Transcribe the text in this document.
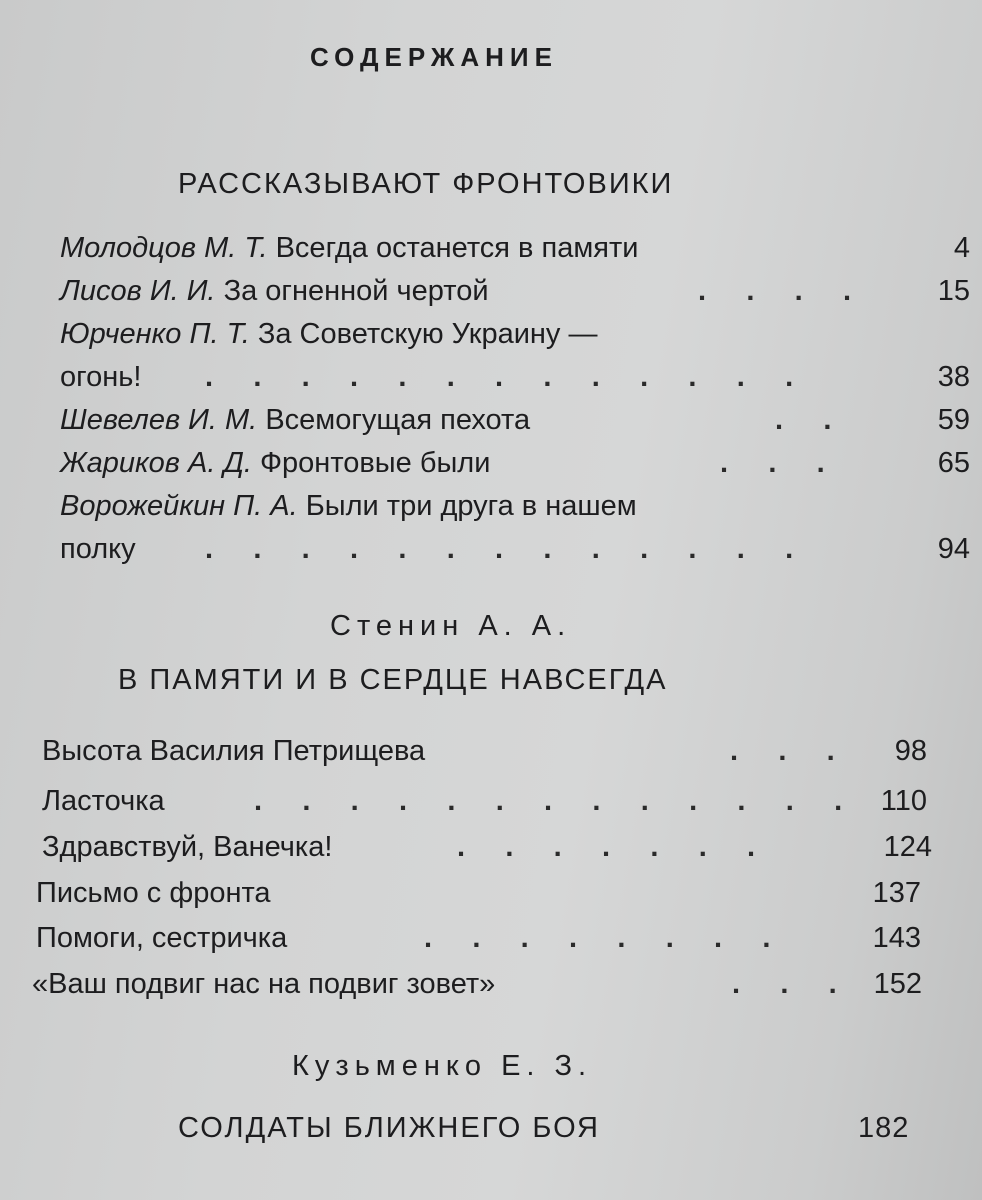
СОДЕРЖАНИЕ
РАССКАЗЫВАЮТ ФРОНТОВИКИ
Молодцов М. Т. Всегда останется в памяти	4
Лисов И. И. За огненной чертой	.     .     .     .	15
Юрченко П. Т. За Советскую Украину —
огонь! .     .     .     .     .     .     .     .     .     .     .     .     .	38
Шевелев И. М. Всемогущая пехота	.     .	59
Жариков А. Д. Фронтовые были	.     .     .	65
Ворожейкин П. А. Были три друга в нашем
полку .     .     .     .     .     .     .     .     .     .     .     .     .	94
Стенин А. А.
В ПАМЯТИ И В СЕРДЦЕ НАВСЕГДА
Высота Василия Петрищева	.     .     .	98
Ласточка	.     .     .     .     .     .     .     .     .     .     .     .     .	110
Здравствуй, Ванечка!	.     .     .     .     .     .     .	124
Письмо с фронта	137
Помоги, сестричка	.     .     .     .     .     .     .     .	143
«Ваш подвиг нас на подвиг зовет»	.     .     .	152
Кузьменко Е. З.
СОЛДАТЫ БЛИЖНЕГО БОЯ	182
